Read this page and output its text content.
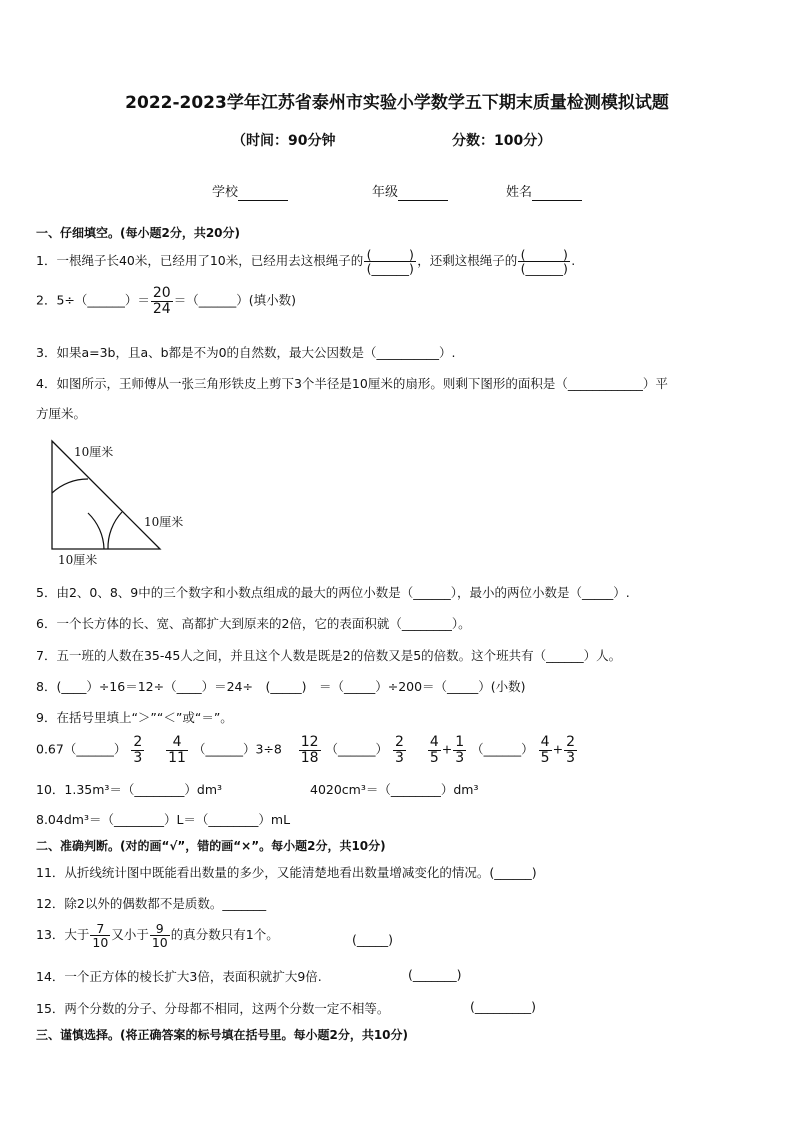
2022-2023学年江苏省泰州市实验小学数学五下期末质量检测模拟试题
（时间：90分钟	分数：100分）
学校	年级	姓名
一、仔细填空。(每小题2分，共20分)
1．一根绳子长40米，已经用了10米，已经用去这根绳子的 $\frac{(\_\_\_\_\_\_)}{(\_\_\_\_\_\_)}$ ，还剩这根绳子的 $\frac{(\_\_\_\_\_\_)}{(\_\_\_\_\_\_)}$ .
2．5÷（______）＝ $\frac{20}{24}$ ＝（______）(填小数)
3．如果a=3b，且a、b都是不为0的自然数，最大公因数是（__________）.
4．如图所示，王师傅从一张三角形铁皮上剪下3个半径是10厘米的扇形。则剩下图形的面积是（____________）平
方厘米。
10厘米
10厘米
10厘米
5．由2、0、8、9中的三个数字和小数点组成的最大的两位小数是（______），最小的两位小数是（_____）.
6．一个长方体的长、宽、高都扩大到原来的2倍，它的表面积就（________）。
7．五一班的人数在35-45人之间，并且这个人数是既是2的倍数又是5的倍数。这个班共有（______）人。
8．(____）÷16＝12÷（____）＝24÷　(_____)　＝（_____）÷200＝（_____）(小数)
9．在括号里填上“＞”“＜”或“＝”。
0.67（______） $\frac{2}{3}$
$\frac{4}{11}$ （______）3÷8 $\frac{12}{18}$ （______） $\frac{2}{3}$
$\frac{4}{5} + \frac{1}{3}$ （______） $\frac{4}{5} + \frac{2}{3}$
10．1.35m³＝（________）dm³	4020cm³＝（________）dm³
8.04dm³＝（________）L＝（________）mL
二、准确判断。(对的画“√”，错的画“×”。每小题2分，共10分)
11．从折线统计图中既能看出数量的多少，又能清楚地看出数量增减变化的情况。(______)
12．除2以外的偶数都不是质数。_______
13．大于 $\frac{7}{10}$ 又小于 $\frac{9}{10}$ 的真分数只有1个。	(_____)
14．一个正方体的棱长扩大3倍，表面积就扩大9倍.	(_______)
15．两个分数的分子、分母都不相同，这两个分数一定不相等。	(_________)
三、谨慎选择。(将正确答案的标号填在括号里。每小题2分，共10分)
